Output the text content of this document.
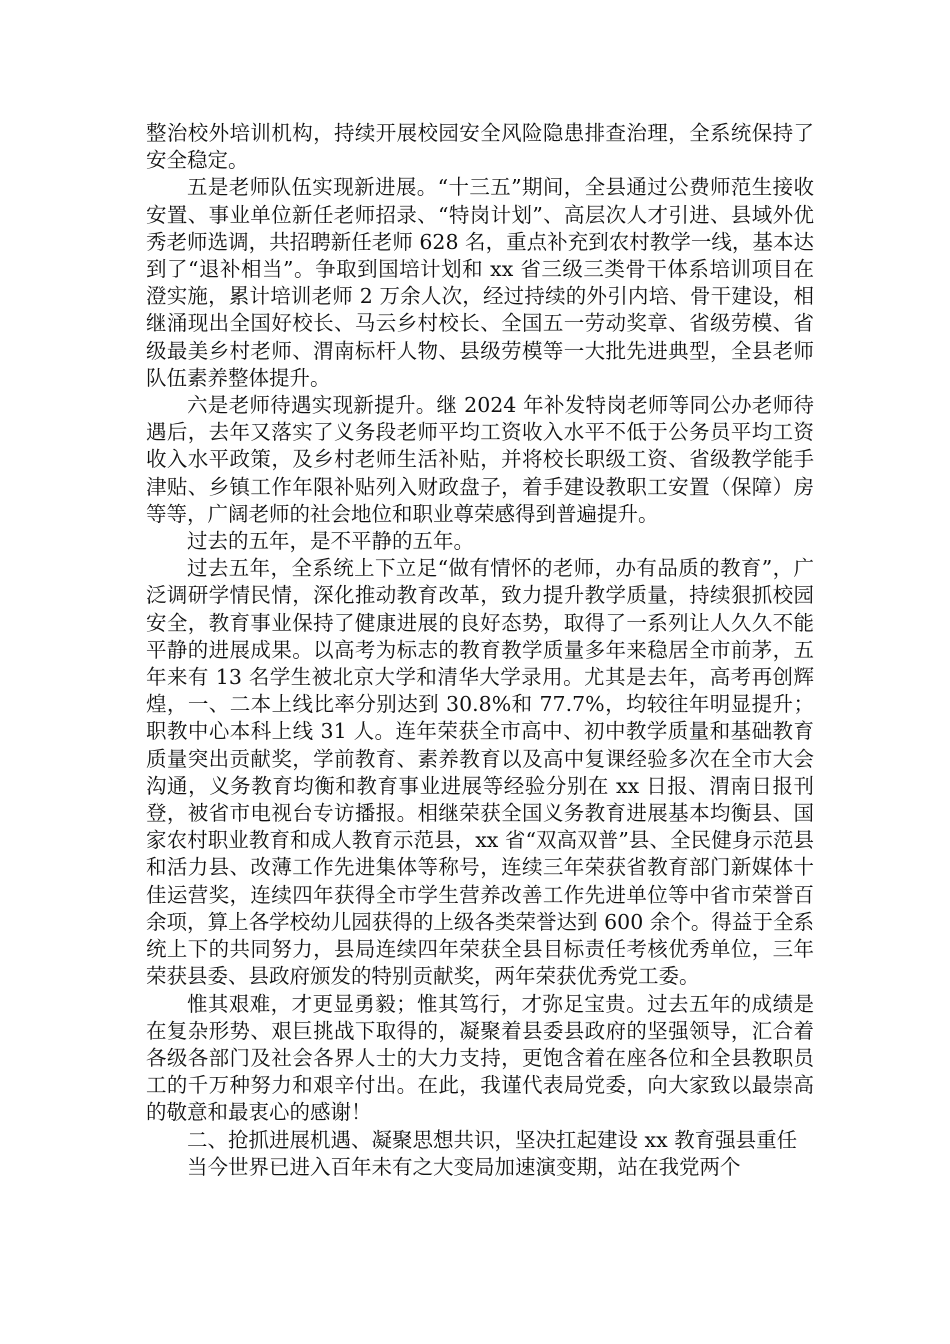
整治校外培训机构，持续开展校园安全风险隐患排查治理，全系统保持了安全稳定。

五是老师队伍实现新进展。“十三五”期间，全县通过公费师范生接收安置、事业单位新任老师招录、“特岗计划”、高层次人才引进、县域外优秀老师选调，共招聘新任老师 628 名，重点补充到农村教学一线，基本达到了“退补相当”。争取到国培计划和 xx 省三级三类骨干体系培训项目在澄实施，累计培训老师 2 万余人次，经过持续的外引内培、骨干建设，相继涌现出全国好校长、马云乡村校长、全国五一劳动奖章、省级劳模、省级最美乡村老师、渭南标杆人物、县级劳模等一大批先进典型，全县老师队伍素养整体提升。

六是老师待遇实现新提升。继 2024 年补发特岗老师等同公办老师待遇后，去年又落实了义务段老师平均工资收入水平不低于公务员平均工资收入水平政策，及乡村老师生活补贴，并将校长职级工资、省级教学能手津贴、乡镇工作年限补贴列入财政盘子，着手建设教职工安置（保障）房等等，广阔老师的社会地位和职业尊荣感得到普遍提升。

过去的五年，是不平静的五年。

过去五年，全系统上下立足“做有情怀的老师，办有品质的教育”，广泛调研学情民情，深化推动教育改革，致力提升教学质量，持续狠抓校园安全，教育事业保持了健康进展的良好态势，取得了一系列让人久久不能平静的进展成果。以高考为标志的教育教学质量多年来稳居全市前茅，五年来有 13 名学生被北京大学和清华大学录用。尤其是去年，高考再创辉煌，一、二本上线比率分别达到 30.8%和 77.7%，均较往年明显提升；职教中心本科上线 31 人。连年荣获全市高中、初中教学质量和基础教育质量突出贡献奖，学前教育、素养教育以及高中复课经验多次在全市大会沟通，义务教育均衡和教育事业进展等经验分别在 xx 日报、渭南日报刊登，被省市电视台专访播报。相继荣获全国义务教育进展基本均衡县、国家农村职业教育和成人教育示范县，xx 省“双高双普”县、全民健身示范县和活力县、改薄工作先进集体等称号，连续三年荣获省教育部门新媒体十佳运营奖，连续四年获得全市学生营养改善工作先进单位等中省市荣誉百余项，算上各学校幼儿园获得的上级各类荣誉达到 600 余个。得益于全系统上下的共同努力，县局连续四年荣获全县目标责任考核优秀单位，三年荣获县委、县政府颁发的特别贡献奖，两年荣获优秀党工委。

惟其艰难，才更显勇毅；惟其笃行，才弥足宝贵。过去五年的成绩是在复杂形势、艰巨挑战下取得的，凝聚着县委县政府的坚强领导，汇合着各级各部门及社会各界人士的大力支持，更饱含着在座各位和全县教职员工的千万种努力和艰辛付出。在此，我谨代表局党委，向大家致以最崇高的敬意和最衷心的感谢！

二、抢抓进展机遇、凝聚思想共识，坚决扛起建设 xx 教育强县重任

当今世界已进入百年未有之大变局加速演变期，站在我党两个
